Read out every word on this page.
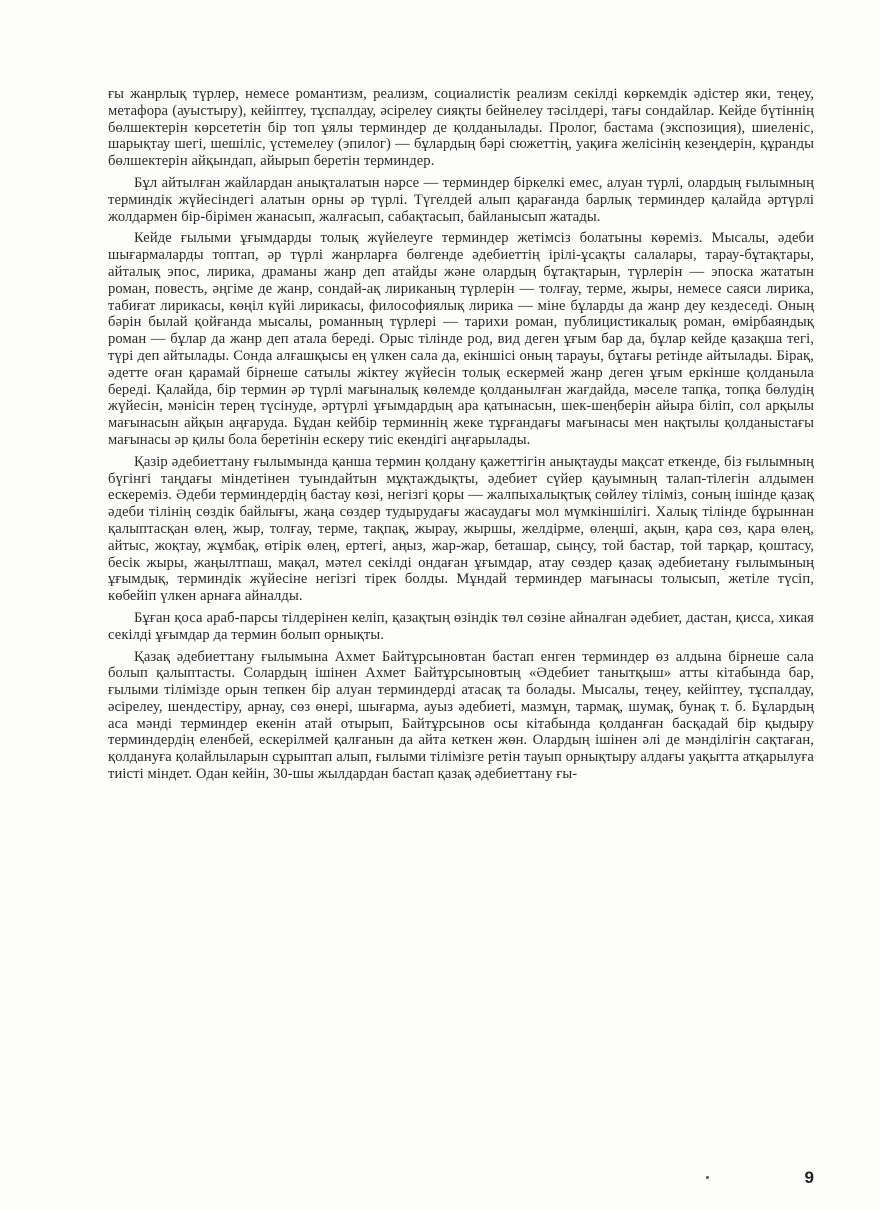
ғы жанрлық түрлер, немесе романтизм, реализм, социалистік реализм секілді көркемдік әдістер яки, теңеу, метафора (ауыстыру), кейіптеу, тұспалдау, әсірелеу сияқты бейнелеу тәсілдері, тағы сондайлар. Кейде бүтіннің бөлшектерін көрсететін бір топ ұялы терминдер де қолданылады. Пролог, бастама (экспозиция), шиеленіс, шарықтау шегі, шешіліс, үстемелеу (эпилог) — бұлардың бәрі сюжеттің, уақиға желісінің кезеңдерін, құранды бөлшектерін айқындап, айырып беретін терминдер.

Бұл айтылған жайлардан анықталатын нәрсе — терминдер біркелкі емес, алуан түрлі, олардың ғылымның терминдік жүйесіндегі алатын орны әр түрлі. Түгелдей алып қарағанда барлық терминдер қалайда әртүрлі жолдармен бір-бірімен жанасып, жалғасып, сабақтасып, байланысып жатады.

Кейде ғылыми ұғымдарды толық жүйелеуге терминдер жетімсіз болатыны көреміз. Мысалы, әдеби шығармаларды топтап, әр түрлі жанрларға бөлгенде әдебиеттің ірілі-ұсақты салалары, тарау-бұтақтары, айталық эпос, лирика, драманы жанр деп атайды және олардың бұтақтарын, түрлерін — эпоска жататын роман, повесть, әңгіме де жанр, сондай-ақ лириканың түрлерін — толғау, терме, жыры, немесе саяси лирика, табиғат лирикасы, көңіл күйі лирикасы, философиялық лирика — міне бұларды да жанр деу кездеседі. Оның бәрін былай қойғанда мысалы, романның түрлері — тарихи роман, публицистикалық роман, өмірбаяндық роман — бұлар да жанр деп атала береді. Орыс тілінде род, вид деген ұғым бар да, бұлар кейде қазақша тегі, түрі деп айтылады. Сонда алғашқысы ең үлкен сала да, екіншісі оның тарауы, бұтағы ретінде айтылады. Бірақ, әдетте оған қарамай бірнеше сатылы жіктеу жүйесін толық ескермей жанр деген ұғым еркінше қолданыла береді. Қалайда, бір термин әр түрлі мағыналық көлемде қолданылған жағдайда, мәселе тапқа, топқа бөлудің жүйесін, мәнісін терең түсінуде, әртүрлі ұғымдардың ара қатынасын, шек-шеңберін айыра біліп, сол арқылы мағынасын айқын аңғаруда. Бұдан кейбір терминнің жеке тұрғандағы мағынасы мен нақтылы қолданыстағы мағынасы әр қилы бола беретінін ескеру тиіс екендігі аңғарылады.

Қазір әдебиеттану ғылымында қанша термин қолдану қажеттігін анықтауды мақсат еткенде, біз ғылымның бүгінгі таңдағы міндетінен туындайтын мұқтаждықты, әдебиет сүйер қауымның талап-тілегін алдымен ескереміз. Әдеби терминдердің бастау көзі, негізгі қоры — жалпыхалықтық сөйлеу тіліміз, соның ішінде қазақ әдеби тілінің сөздік байлығы, жаңа сөздер тудырудағы жасаудағы мол мүмкіншілігі. Халық тілінде бұрыннан қалыптасқан өлең, жыр, толғау, терме, тақпақ, жырау, жыршы, желдірме, өлеңші, ақын, қара сөз, қара өлең, айтыс, жоқтау, жұмбақ, өтірік өлең, ертегі, аңыз, жар-жар, беташар, сыңсу, той бастар, той тарқар, қоштасу, бесік жыры, жаңылтпаш, мақал, мәтел секілді ондаған ұғымдар, атау сөздер қазақ әдебиетану ғылымының ұғымдық, терминдік жүйесіне негізгі тірек болды. Мұндай терминдер мағынасы толысып, жетіле түсіп, көбейіп үлкен арнаға айналды.

Бұған қоса араб-парсы тілдерінен келіп, қазақтың өзіндік төл сөзіне айналған әдебиет, дастан, қисса, хикая секілді ұғымдар да термин болып орнықты.

Қазақ әдебиеттану ғылымына Ахмет Байтұрсыновтан бастап енген терминдер өз алдына бірнеше сала болып қалыптасты. Солардың ішінен Ахмет Байтұрсыновтың «Әдебиет танытқыш» атты кітабында бар, ғылыми тілімізде орын тепкен бір алуан терминдерді атасақ та болады. Мысалы, теңеу, кейіптеу, тұспалдау, әсірелеу, шендестіру, арнау, сөз өнері, шығарма, ауыз әдебиеті, мазмұн, тармақ, шумақ, бунақ т. б. Бұлардың аса мәнді терминдер екенін атай отырып, Байтұрсынов осы кітабында қолданған басқадай бір қыдыру терминдердің еленбей, ескерілмей қалғанын да айта кеткен жөн. Олардың ішінен әлі де мәнділігін сақтаған, қолдануға қолайлыларын сұрыптап алып, ғылыми тілімізге ретін тауып орнықтыру алдағы уақытта атқарылуға тиісті міндет. Одан кейін, 30-шы жылдардан бастап қазақ әдебиеттану ғы-

9
